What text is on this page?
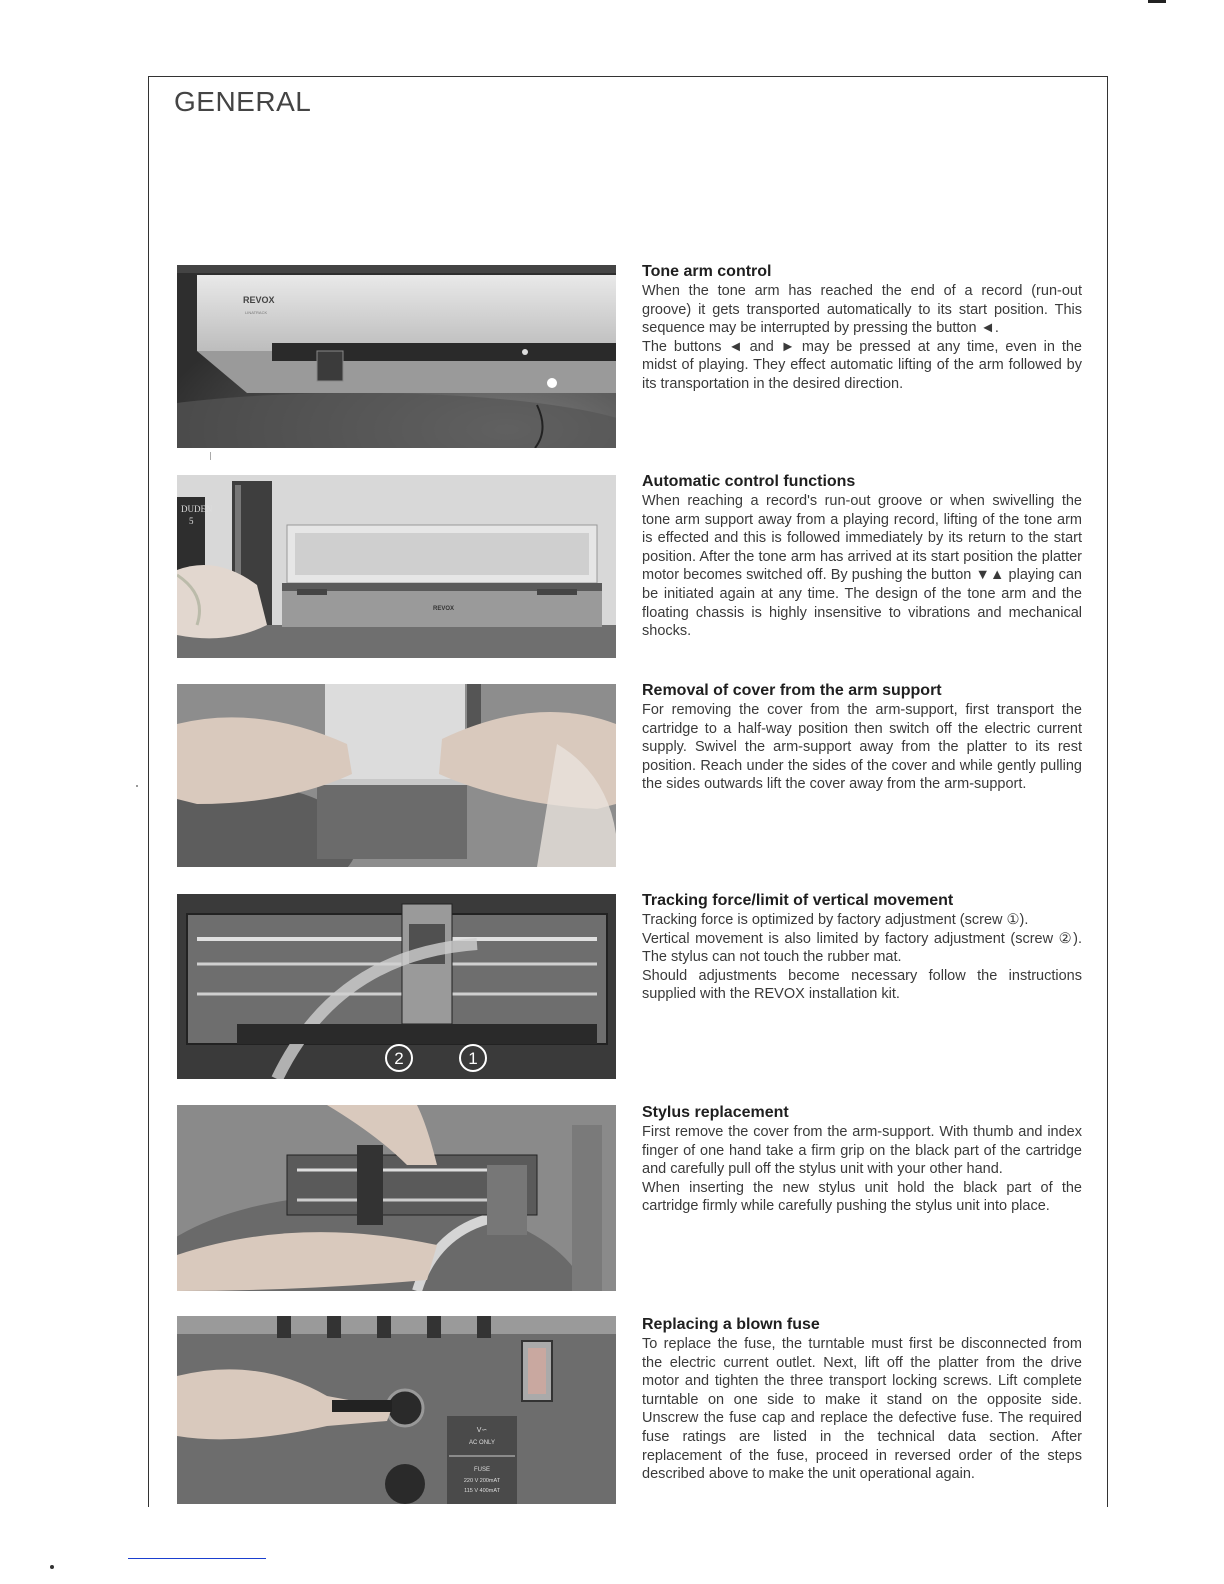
GENERAL
REVOX
LINATRACK
Tone arm control

When the tone arm has reached the end of a record (run-out groove) it gets transported automatically to its start position. This sequence may be interrupted by pressing the button ◄.

The buttons ◄ and ► may be pressed at any time, even in the midst of playing. They effect automatic lifting of the arm followed by its transportation in the desired direction.

DUDEN
5
REVOX
Automatic control functions

When reaching a record's run-out groove or when swivelling the tone arm support away from a playing record, lifting of the tone arm is effected and this is followed immediately by its return to the start position. After the tone arm has arrived at its start position the platter motor becomes switched off. By pushing the button ▼▲ playing can be initiated again at any time. The design of the tone arm and the floating chassis is highly insensitive to vibrations and mechanical shocks.

Removal of cover from the arm support

For removing the cover from the arm-support, first transport the cartridge to a half-way position then switch off the electric current supply. Swivel the arm-support away from the platter to its rest position. Reach under the sides of the cover and while gently pulling the sides outwards lift the cover away from the arm-support.

2	1
Tracking force/limit of vertical movement

Tracking force is optimized by factory adjustment (screw ①).

Vertical movement is also limited by factory adjustment (screw ②). The stylus can not touch the rubber mat.

Should adjustments become necessary follow the instructions supplied with the REVOX installation kit.

Stylus replacement

First remove the cover from the arm-support. With thumb and index finger of one hand take a firm grip on the black part of the cartridge and carefully pull off the stylus unit with your other hand.

When inserting the new stylus unit hold the black part of the cartridge firmly while carefully pushing the stylus unit into place.

V∽
AC ONLY
FUSE
220 V 200mAT
115 V 400mAT
Replacing a blown fuse

To replace the fuse, the turntable must first be disconnected from the electric current outlet. Next, lift off the platter from the drive motor and tighten the three transport locking screws. Lift complete turntable on one side to make it stand on the opposite side. Unscrew the fuse cap and replace the defective fuse. The required fuse ratings are listed in the technical data section. After replacement of the fuse, proceed in reversed order of the steps described above to make the unit operational again.
